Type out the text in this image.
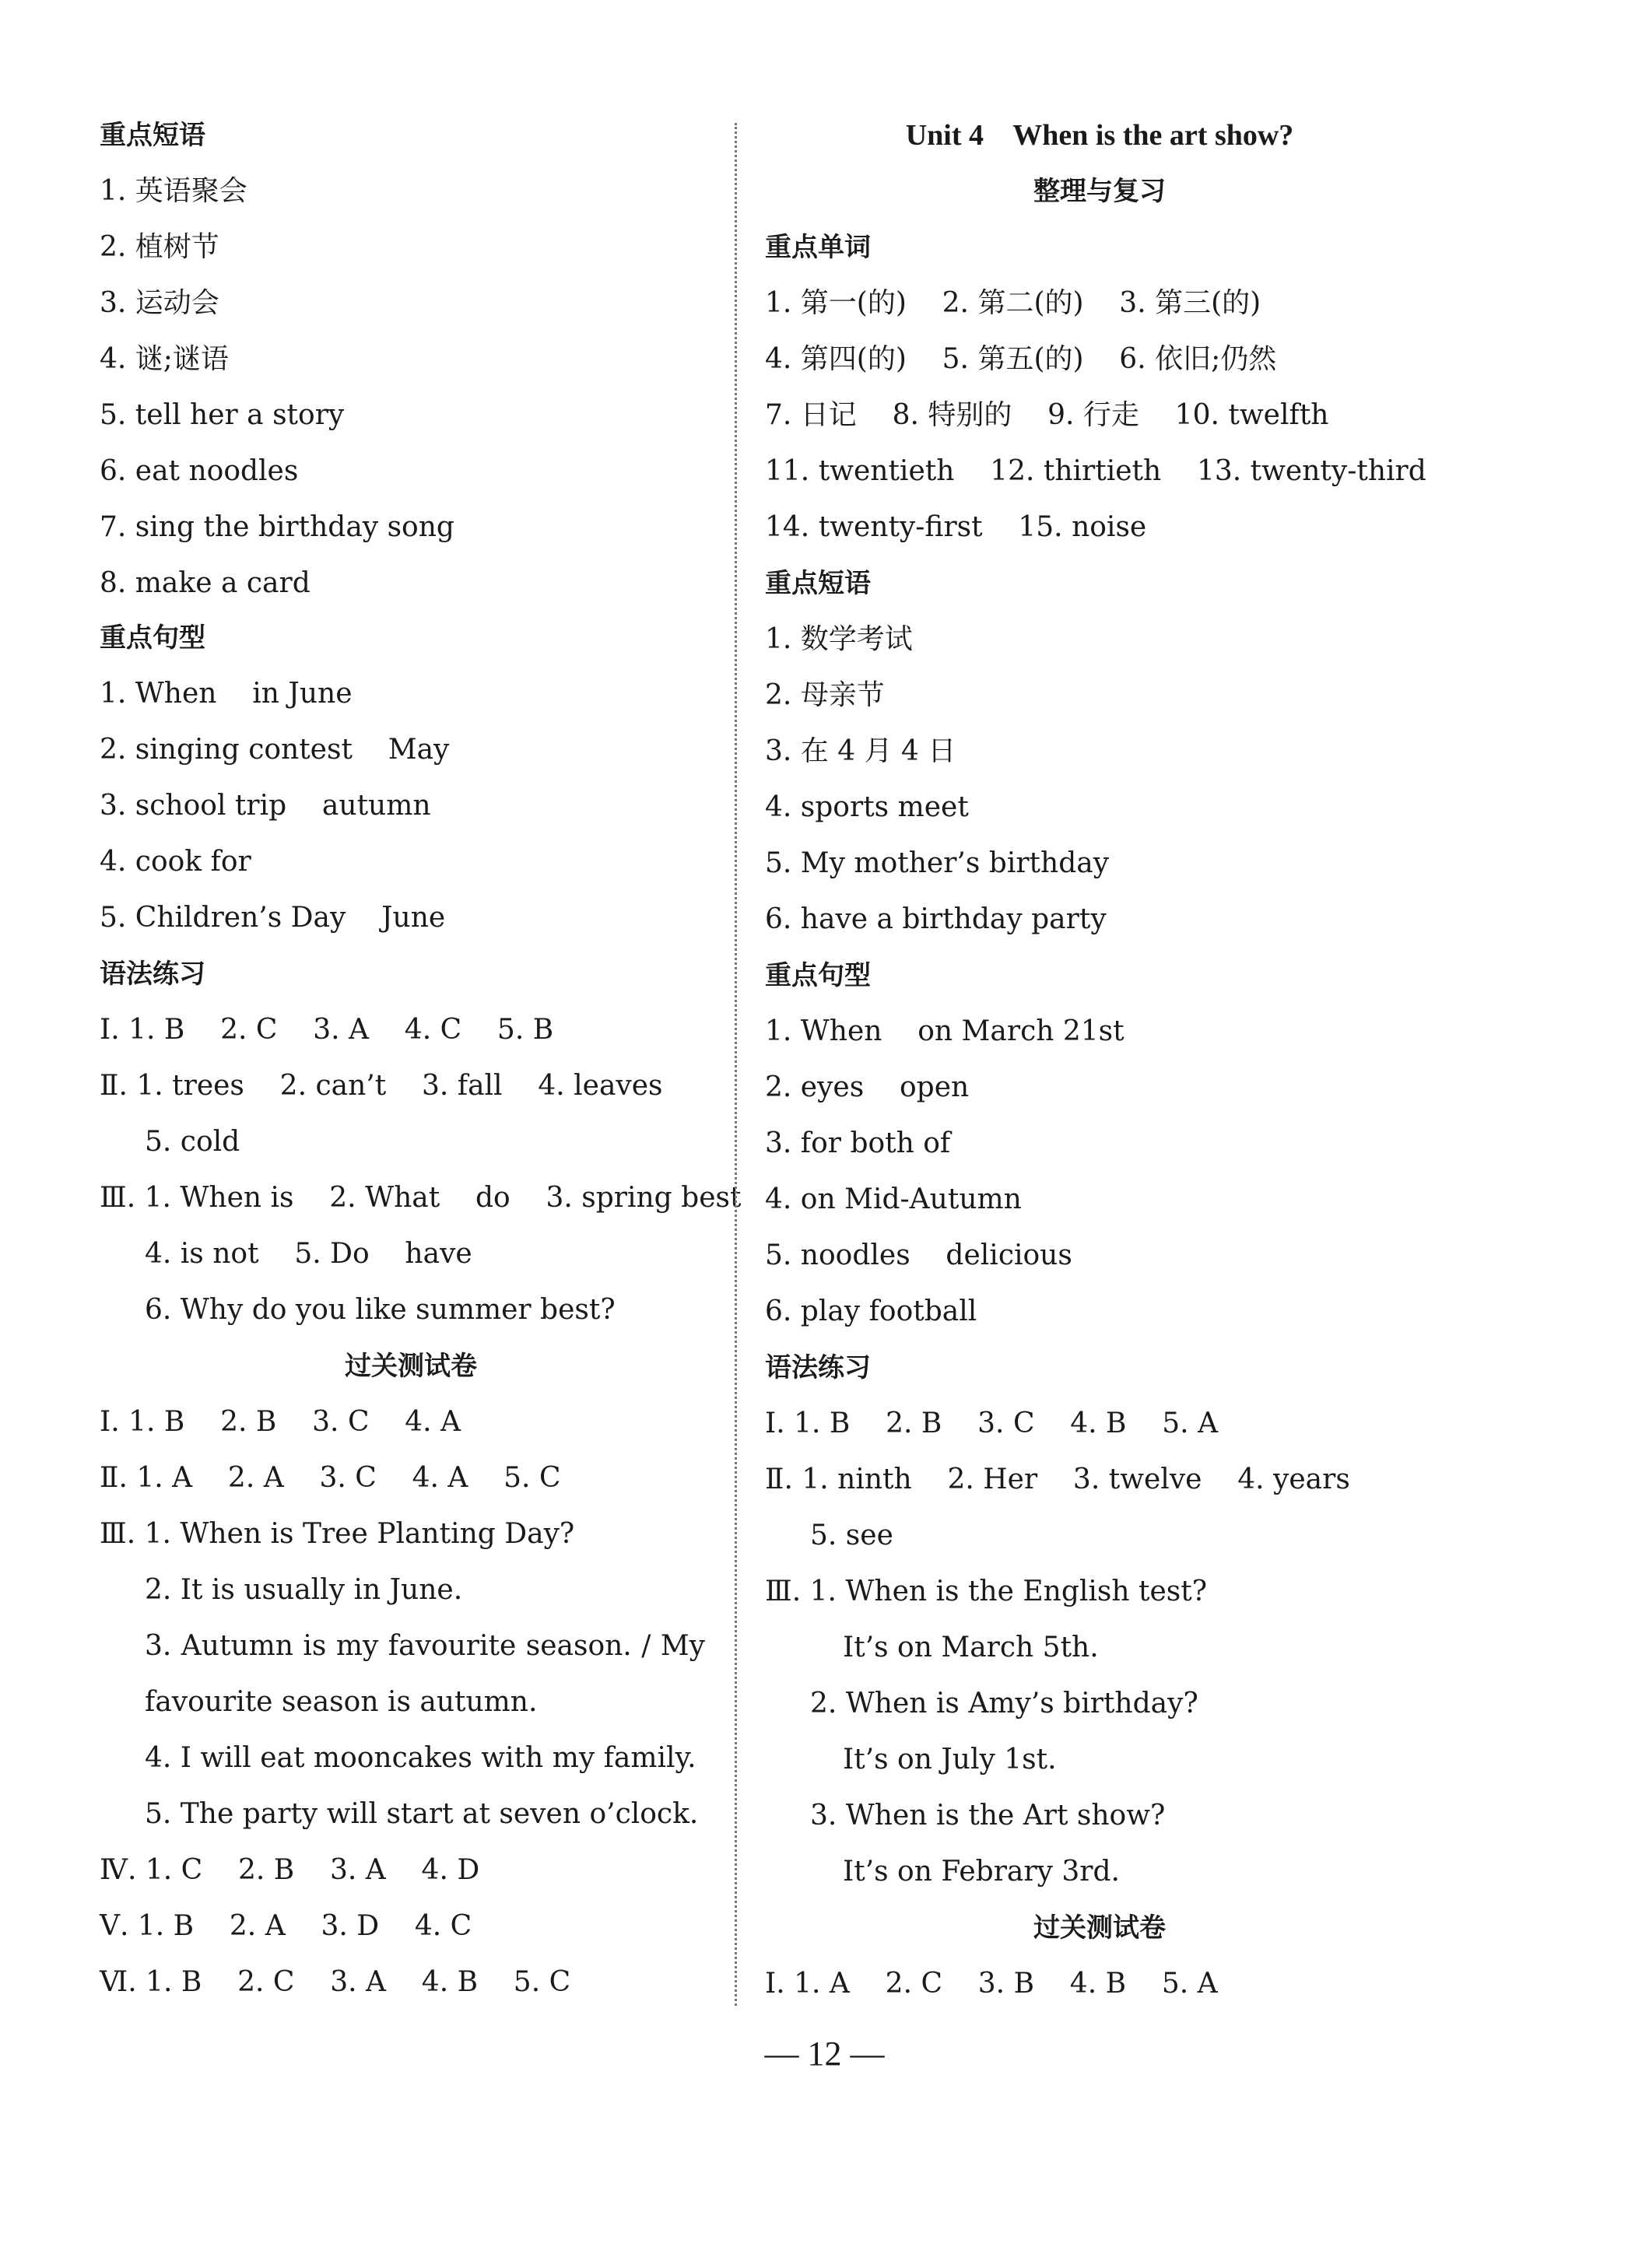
重点短语
1. 英语聚会
2. 植树节
3. 运动会
4. 谜;谜语
5. tell her a story
6. eat noodles
7. sing the birthday song
8. make a card
重点句型
1. When    in June
2. singing contest    May
3. school trip    autumn
4. cook for
5. Children’s Day    June
语法练习
Ⅰ. 1. B    2. C    3. A    4. C    5. B
Ⅱ. 1. trees    2. can’t    3. fall    4. leaves
5. cold
Ⅲ. 1. When is    2. What    do    3. spring best
4. is not    5. Do    have
6. Why do you like summer best?
过关测试卷
Ⅰ. 1. B    2. B    3. C    4. A
Ⅱ. 1. A    2. A    3. C    4. A    5. C
Ⅲ. 1. When is Tree Planting Day?
2. It is usually in June.
3. Autumn is my favourite season. / My
favourite season is autumn.
4. I will eat mooncakes with my family.
5. The party will start at seven o’clock.
Ⅳ. 1. C    2. B    3. A    4. D
Ⅴ. 1. B    2. A    3. D    4. C
Ⅵ. 1. B    2. C    3. A    4. B    5. C
Unit 4    When is the art show?
整理与复习
重点单词
1. 第一(的)    2. 第二(的)    3. 第三(的)
4. 第四(的)    5. 第五(的)    6. 依旧;仍然
7. 日记    8. 特别的    9. 行走    10. twelfth
11. twentieth    12. thirtieth    13. twenty-third
14. twenty-first    15. noise
重点短语
1. 数学考试
2. 母亲节
3. 在 4 月 4 日
4. sports meet
5. My mother’s birthday
6. have a birthday party
重点句型
1. When    on March 21st
2. eyes    open
3. for both of
4. on Mid-Autumn
5. noodles    delicious
6. play football
语法练习
Ⅰ. 1. B    2. B    3. C    4. B    5. A
Ⅱ. 1. ninth    2. Her    3. twelve    4. years
5. see
Ⅲ. 1. When is the English test?
It’s on March 5th.
2. When is Amy’s birthday?
It’s on July 1st.
3. When is the Art show?
It’s on Febrary 3rd.
过关测试卷
Ⅰ. 1. A    2. C    3. B    4. B    5. A
— 12 —
